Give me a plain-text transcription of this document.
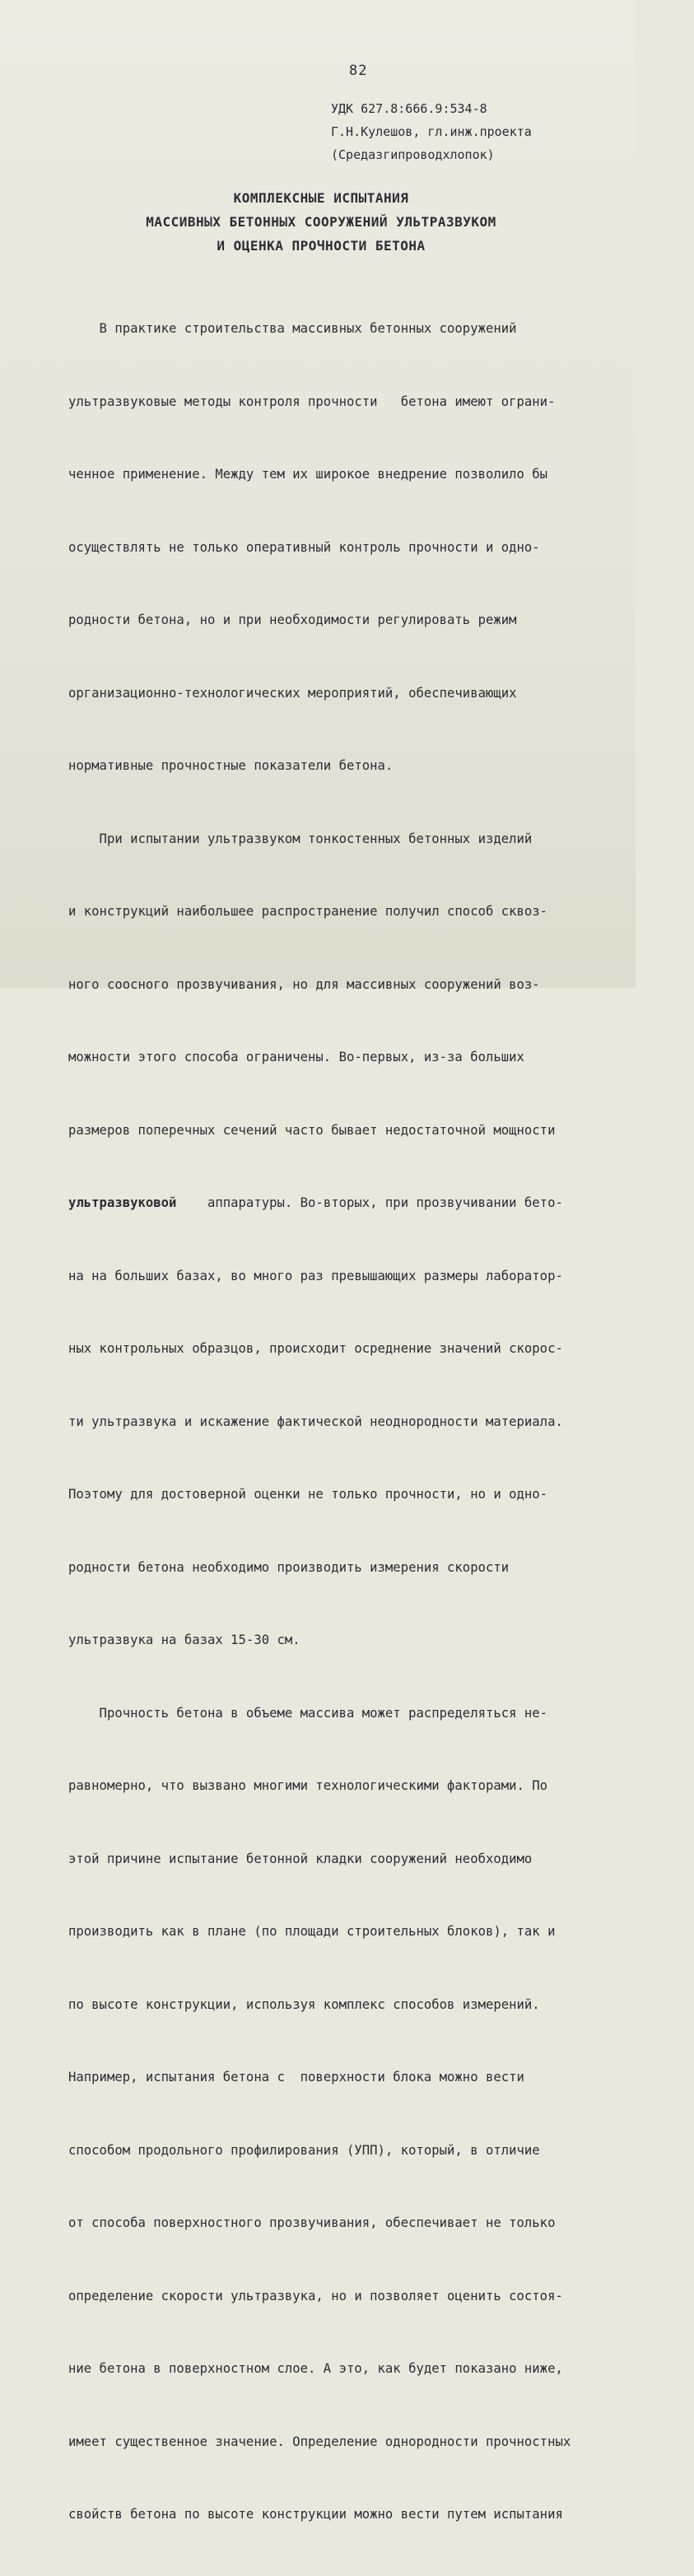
82
УДК 627.8:666.9:534-8
Г.Н.Кулешов, гл.инж.проекта
(Средазгипроводхлопок)
КОМПЛЕКСНЫЕ ИСПЫТАНИЯ
МАССИВНЫХ БЕТОННЫХ СООРУЖЕНИЙ УЛЬТРАЗВУКОМ
И ОЦЕНКА ПРОЧНОСТИ БЕТОНА

В практике строительства массивных бетонных сооружений

ультразвуковые методы контроля прочности   бетона имеют ограни-

ченное применение. Между тем их широкое внедрение позволило бы

осуществлять не только оперативный контроль прочности и одно-

родности бетона, но и при необходимости регулировать режим

организационно-технологических мероприятий, обеспечивающих

нормативные прочностные показатели бетона.

При испытании ультразвуком тонкостенных бетонных изделий

и конструкций наибольшее распространение получил способ сквоз-

ного соосного прозвучивания, но для массивных сооружений воз-

можности этого способа ограничены. Во-первых, из-за больших

размеров поперечных сечений часто бывает недостаточной мощности

ультразвуковой    аппаратуры. Во-вторых, при прозвучивании бето-

на на больших базах, во много раз превышающих размеры лаборатор-

ных контрольных образцов, происходит осреднение значений скорос-

ти ультразвука и искажение фактической неоднородности материала.

Поэтому для достоверной оценки не только прочности, но и одно-

родности бетона необходимо производить измерения скорости

ультразвука на базах 15-30 см.

Прочность бетона в объеме массива может распределяться не-

равномерно, что вызвано многими технологическими факторами. По

этой причине испытание бетонной кладки сооружений необходимо

производить как в плане (по площади строительных блоков), так и

по высоте конструкции, используя комплекс способов измерений.

Например, испытания бетона с  поверхности блока можно вести

способом продольного профилирования (УПП), который, в отличие

от способа поверхностного прозвучивания, обеспечивает не только

определение скорости ультразвука, но и позволяет оценить состоя-

ние бетона в поверхностном слое. А это, как будет показано ниже,

имеет существенное значение. Определение однородности прочностных

свойств бетона по высоте конструкции можно вести путем испытания
